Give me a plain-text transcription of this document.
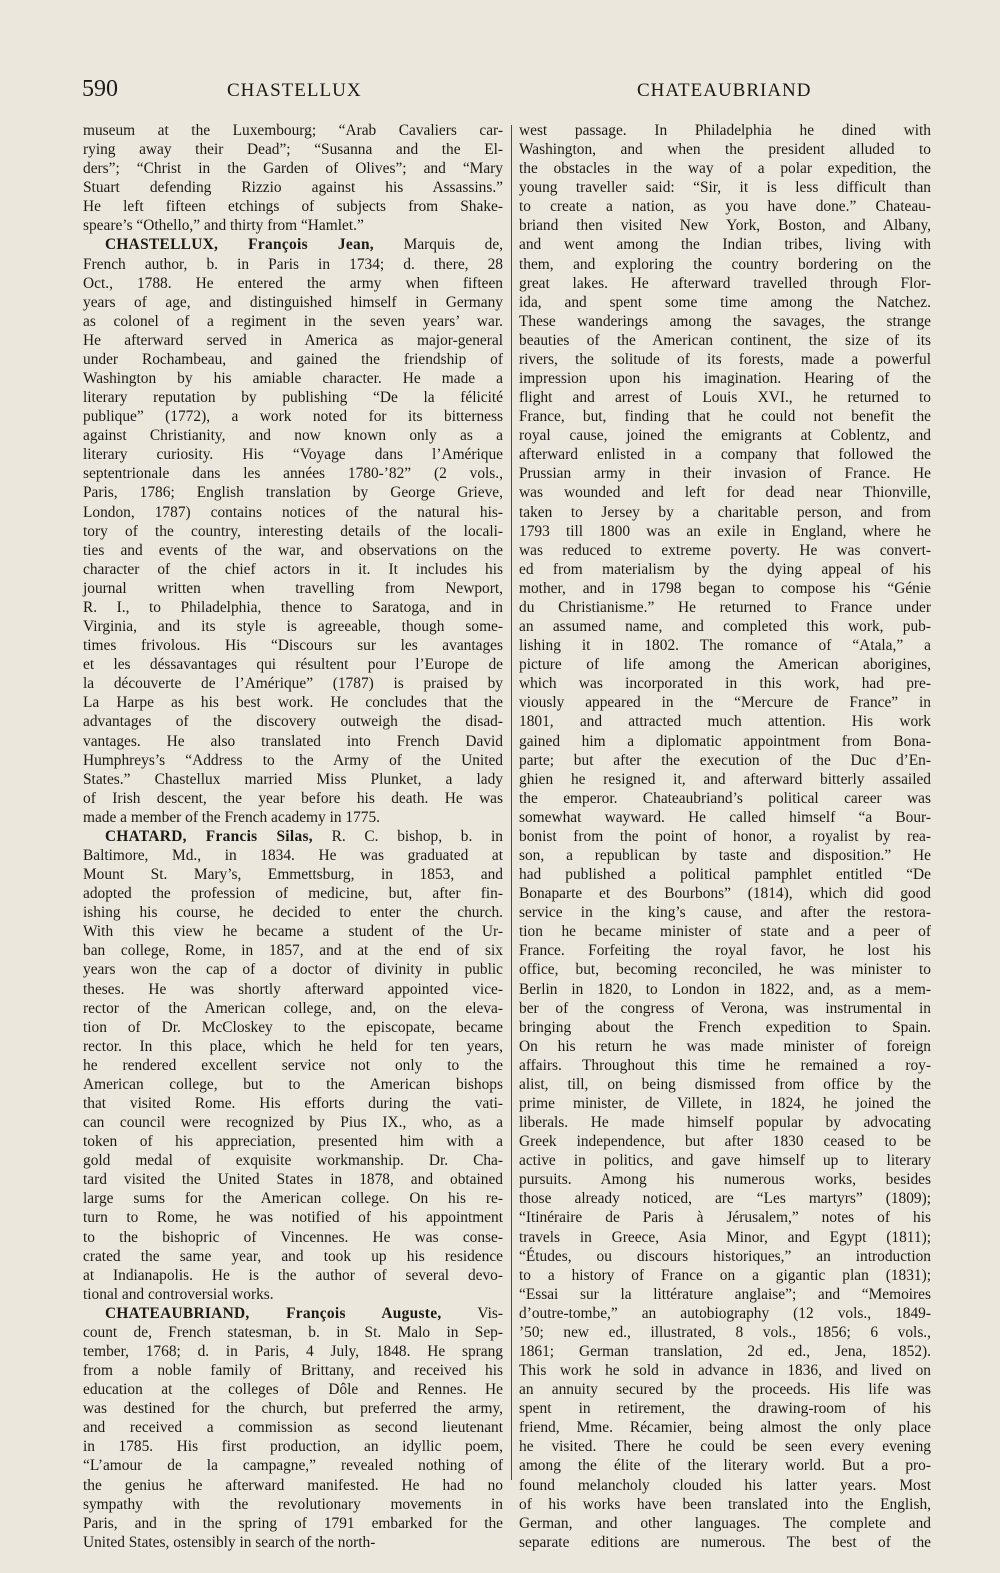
590	CHASTELLUX	CHATEAUBRIAND

museum at the Luxembourg; “Arab Cavaliers car-
rying away their Dead”; “Susanna and the El-
ders”; “Christ in the Garden of Olives”; and “Mary
Stuart defending Rizzio against his Assassins.”
He left fifteen etchings of subjects from Shake-
speare’s “Othello,” and thirty from “Hamlet.”

CHASTELLUX, François Jean, Marquis de,
French author, b. in Paris in 1734; d. there, 28
Oct., 1788. He entered the army when fifteen
years of age, and distinguished himself in Germany
as colonel of a regiment in the seven years’ war.
He afterward served in America as major-general
under Rochambeau, and gained the friendship of
Washington by his amiable character. He made a
literary reputation by publishing “De la félicité
publique” (1772), a work noted for its bitterness
against Christianity, and now known only as a
literary curiosity. His “Voyage dans l’Amérique
septentrionale dans les années 1780-’82” (2 vols.,
Paris, 1786; English translation by George Grieve,
London, 1787) contains notices of the natural his-
tory of the country, interesting details of the locali-
ties and events of the war, and observations on the
character of the chief actors in it. It includes his
journal written when travelling from Newport,
R. I., to Philadelphia, thence to Saratoga, and in
Virginia, and its style is agreeable, though some-
times frivolous. His “Discours sur les avantages
et les déssavantages qui résultent pour l’Europe de
la découverte de l’Amérique” (1787) is praised by
La Harpe as his best work. He concludes that the
advantages of the discovery outweigh the disad-
vantages. He also translated into French David
Humphreys’s “Address to the Army of the United
States.” Chastellux married Miss Plunket, a lady
of Irish descent, the year before his death. He was
made a member of the French academy in 1775.

CHATARD, Francis Silas, R. C. bishop, b. in
Baltimore, Md., in 1834. He was graduated at
Mount St. Mary’s, Emmettsburg, in 1853, and
adopted the profession of medicine, but, after fin-
ishing his course, he decided to enter the church.
With this view he became a student of the Ur-
ban college, Rome, in 1857, and at the end of six
years won the cap of a doctor of divinity in public
theses. He was shortly afterward appointed vice-
rector of the American college, and, on the eleva-
tion of Dr. McCloskey to the episcopate, became
rector. In this place, which he held for ten years,
he rendered excellent service not only to the
American college, but to the American bishops
that visited Rome. His efforts during the vati-
can council were recognized by Pius IX., who, as a
token of his appreciation, presented him with a
gold medal of exquisite workmanship. Dr. Cha-
tard visited the United States in 1878, and obtained
large sums for the American college. On his re-
turn to Rome, he was notified of his appointment
to the bishopric of Vincennes. He was conse-
crated the same year, and took up his residence
at Indianapolis. He is the author of several devo-
tional and controversial works.

CHATEAUBRIAND, François Auguste, Vis-
count de, French statesman, b. in St. Malo in Sep-
tember, 1768; d. in Paris, 4 July, 1848. He sprang
from a noble family of Brittany, and received his
education at the colleges of Dôle and Rennes. He
was destined for the church, but preferred the army,
and received a commission as second lieutenant
in 1785. His first production, an idyllic poem,
“L’amour de la campagne,” revealed nothing of
the genius he afterward manifested. He had no
sympathy with the revolutionary movements in
Paris, and in the spring of 1791 embarked for the
United States, ostensibly in search of the north-

west passage. In Philadelphia he dined with
Washington, and when the president alluded to
the obstacles in the way of a polar expedition, the
young traveller said: “Sir, it is less difficult than
to create a nation, as you have done.” Chateau-
briand then visited New York, Boston, and Albany,
and went among the Indian tribes, living with
them, and exploring the country bordering on the
great lakes. He afterward travelled through Flor-
ida, and spent some time among the Natchez.
These wanderings among the savages, the strange
beauties of the American continent, the size of its
rivers, the solitude of its forests, made a powerful
impression upon his imagination. Hearing of the
flight and arrest of Louis XVI., he returned to
France, but, finding that he could not benefit the
royal cause, joined the emigrants at Coblentz, and
afterward enlisted in a company that followed the
Prussian army in their invasion of France. He
was wounded and left for dead near Thionville,
taken to Jersey by a charitable person, and from
1793 till 1800 was an exile in England, where he
was reduced to extreme poverty. He was convert-
ed from materialism by the dying appeal of his
mother, and in 1798 began to compose his “Génie
du Christianisme.” He returned to France under
an assumed name, and completed this work, pub-
lishing it in 1802. The romance of “Atala,” a
picture of life among the American aborigines,
which was incorporated in this work, had pre-
viously appeared in the “Mercure de France” in
1801, and attracted much attention. His work
gained him a diplomatic appointment from Bona-
parte; but after the execution of the Duc d’En-
ghien he resigned it, and afterward bitterly assailed
the emperor. Chateaubriand’s political career was
somewhat wayward. He called himself “a Bour-
bonist from the point of honor, a royalist by rea-
son, a republican by taste and disposition.” He
had published a political pamphlet entitled “De
Bonaparte et des Bourbons” (1814), which did good
service in the king’s cause, and after the restora-
tion he became minister of state and a peer of
France. Forfeiting the royal favor, he lost his
office, but, becoming reconciled, he was minister to
Berlin in 1820, to London in 1822, and, as a mem-
ber of the congress of Verona, was instrumental in
bringing about the French expedition to Spain.
On his return he was made minister of foreign
affairs. Throughout this time he remained a roy-
alist, till, on being dismissed from office by the
prime minister, de Villete, in 1824, he joined the
liberals. He made himself popular by advocating
Greek independence, but after 1830 ceased to be
active in politics, and gave himself up to literary
pursuits. Among his numerous works, besides
those already noticed, are “Les martyrs” (1809);
“Itinéraire de Paris à Jérusalem,” notes of his
travels in Greece, Asia Minor, and Egypt (1811);
“Études, ou discours historiques,” an introduction
to a history of France on a gigantic plan (1831);
“Essai sur la littérature anglaise”; and “Memoires
d’outre-tombe,” an autobiography (12 vols., 1849-
’50; new ed., illustrated, 8 vols., 1856; 6 vols.,
1861; German translation, 2d ed., Jena, 1852).
This work he sold in advance in 1836, and lived on
an annuity secured by the proceeds. His life was
spent in retirement, the drawing-room of his
friend, Mme. Récamier, being almost the only place
he visited. There he could be seen every evening
among the élite of the literary world. But a pro-
found melancholy clouded his latter years. Most
of his works have been translated into the English,
German, and other languages. The complete and
separate editions are numerous. The best of the
